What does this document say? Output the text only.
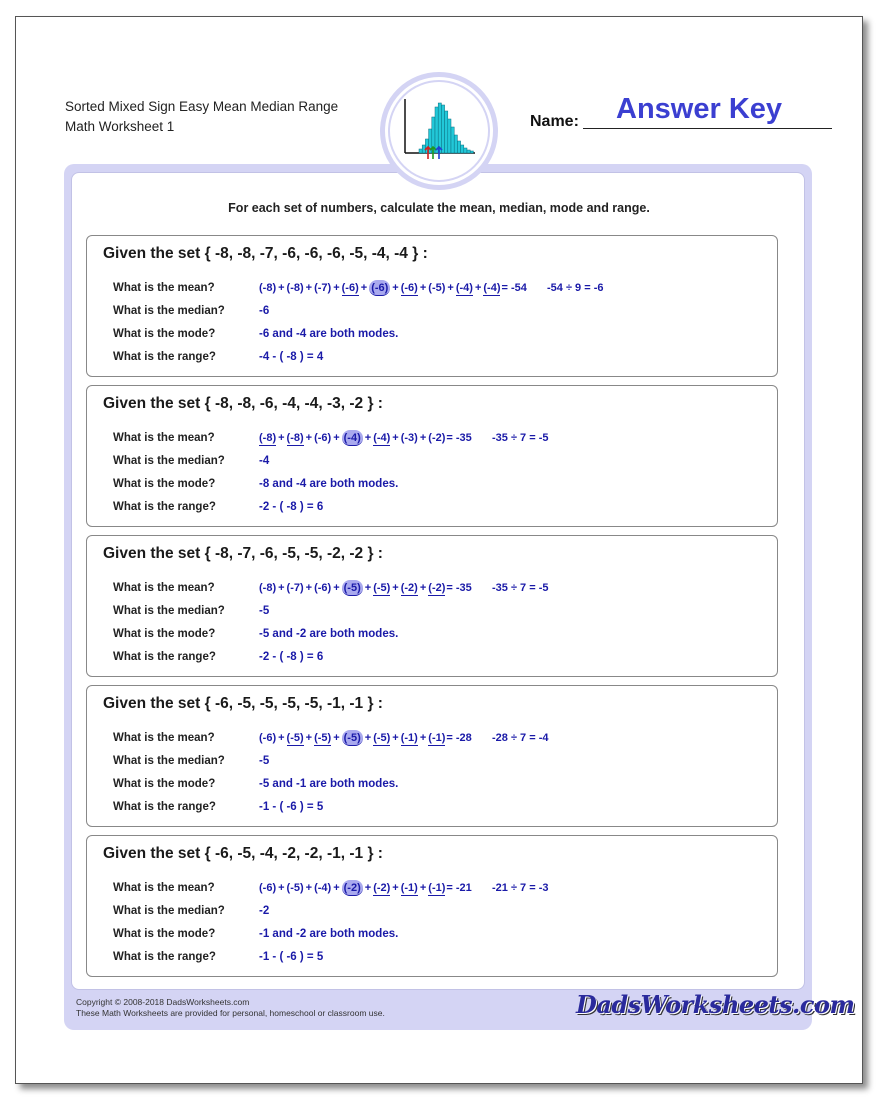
Sorted Mixed Sign Easy Mean Median Range
Math Worksheet 1	Name: Answer Key
For each set of numbers, calculate the mean, median, mode and range.
Given the set { -8, -8, -7, -6, -6, -6, -5, -4, -4 } :
What is the mean?	(-8) + (-8) + (-7) + (-6) + (-6) + (-6) + (-5) + (-4) + (-4)= -54 -54 ÷ 9 = -6
What is the median?	-6
What is the mode?	-6 and -4 are both modes.
What is the range?	-4 - ( -8 ) = 4
Given the set { -8, -8, -6, -4, -4, -3, -2 } :
What is the mean?	(-8) + (-8) + (-6) + (-4) + (-4) + (-3) + (-2)= -35 -35 ÷ 7 = -5
What is the median?	-4
What is the mode?	-8 and -4 are both modes.
What is the range?	-2 - ( -8 ) = 6
Given the set { -8, -7, -6, -5, -5, -2, -2 } :
What is the mean?	(-8) + (-7) + (-6) + (-5) + (-5) + (-2) + (-2)= -35 -35 ÷ 7 = -5
What is the median?	-5
What is the mode?	-5 and -2 are both modes.
What is the range?	-2 - ( -8 ) = 6
Given the set { -6, -5, -5, -5, -5, -1, -1 } :
What is the mean?	(-6) + (-5) + (-5) + (-5) + (-5) + (-1) + (-1)= -28 -28 ÷ 7 = -4
What is the median?	-5
What is the mode?	-5 and -1 are both modes.
What is the range?	-1 - ( -6 ) = 5
Given the set { -6, -5, -4, -2, -2, -1, -1 } :
What is the mean?	(-6) + (-5) + (-4) + (-2) + (-2) + (-1) + (-1)= -21 -21 ÷ 7 = -3
What is the median?	-2
What is the mode?	-1 and -2 are both modes.
What is the range?	-1 - ( -6 ) = 5
Copyright © 2008-2018 DadsWorksheets.com
These Math Worksheets are provided for personal, homeschool or classroom use.	DadsWorksheets.com
